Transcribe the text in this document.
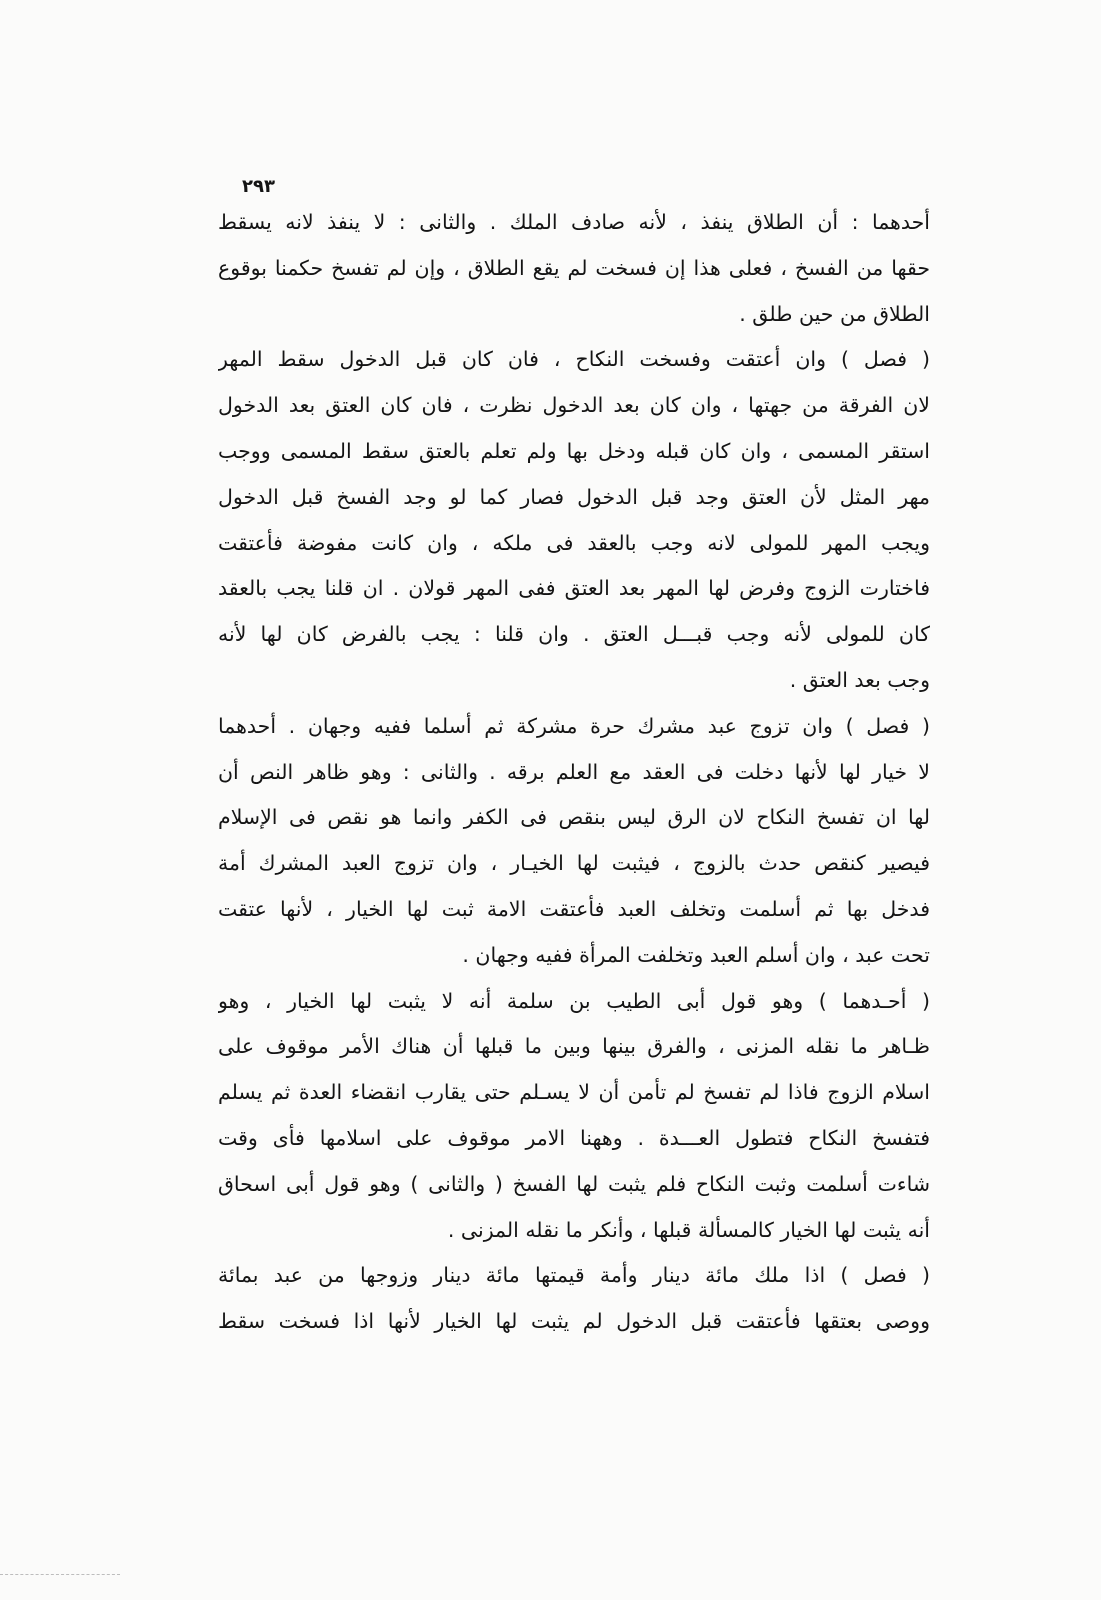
٢٩٣
أحدهما : أن الطلاق ينفذ ، لأنه صادف الملك . والثانى : لا ينفذ لانه يسقط
حقها من الفسخ ، فعلى هذا إن فسخت لم يقع الطلاق ، وإن لم تفسخ حكمنا بوقوع
الطلاق من حين طلق .
( فصل ) وان أعتقت وفسخت النكاح ، فان كان قبل الدخول سقط المهر
لان الفرقة من جهتها ، وان كان بعد الدخول نظرت ، فان كان العتق بعد الدخول
استقر المسمى ، وان كان قبله ودخل بها ولم تعلم بالعتق سقط المسمى ووجب
مهر المثل لأن العتق وجد قبل الدخول فصار كما لو وجد الفسخ قبل الدخول
ويجب المهر للمولى لانه وجب بالعقد فى ملكه ، وان كانت مفوضة فأعتقت
فاختارت الزوج وفرض لها المهر بعد العتق ففى المهر قولان . ان قلنا يجب بالعقد
كان للمولى لأنه وجب قبـــل العتق . وان قلنا : يجب بالفرض كان لها لأنه
وجب بعد العتق .
( فصل ) وان تزوج عبد مشرك حرة مشركة ثم أسلما ففيه وجهان . أحدهما
لا خيار لها لأنها دخلت فى العقد مع العلم برقه . والثانى : وهو ظاهر النص أن
لها ان تفسخ النكاح لان الرق ليس بنقص فى الكفر وانما هو نقص فى الإسلام
فيصير كنقص حدث بالزوج ، فيثبت لها الخيـار ، وان تزوج العبد المشرك أمة
فدخل بها ثم أسلمت وتخلف العبد فأعتقت الامة ثبت لها الخيار ، لأنها عتقت
تحت عبد ، وان أسلم العبد وتخلفت المرأة ففيه وجهان .
( أحـدهما ) وهو قول أبى الطيب بن سلمة أنه لا يثبت لها الخيار ، وهو
ظـاهر ما نقله المزنى ، والفرق بينها وبين ما قبلها أن هناك الأمر موقوف على
اسلام الزوج فاذا لم تفسخ لم تأمن أن لا يسـلم حتى يقارب انقضاء العدة ثم يسلم
فتفسخ النكاح فتطول العـــدة . وههنا الامر موقوف على اسلامها فأى وقت
شاءت أسلمت وثبت النكاح فلم يثبت لها الفسخ ( والثانى ) وهو قول أبى اسحاق
أنه يثبت لها الخيار كالمسألة قبلها ، وأنكر ما نقله المزنى .
( فصل ) اذا ملك مائة دينار وأمة قيمتها مائة دينار وزوجها من عبد بمائة
ووصى بعتقها فأعتقت قبل الدخول لم يثبت لها الخيار لأنها اذا فسخت سقط
